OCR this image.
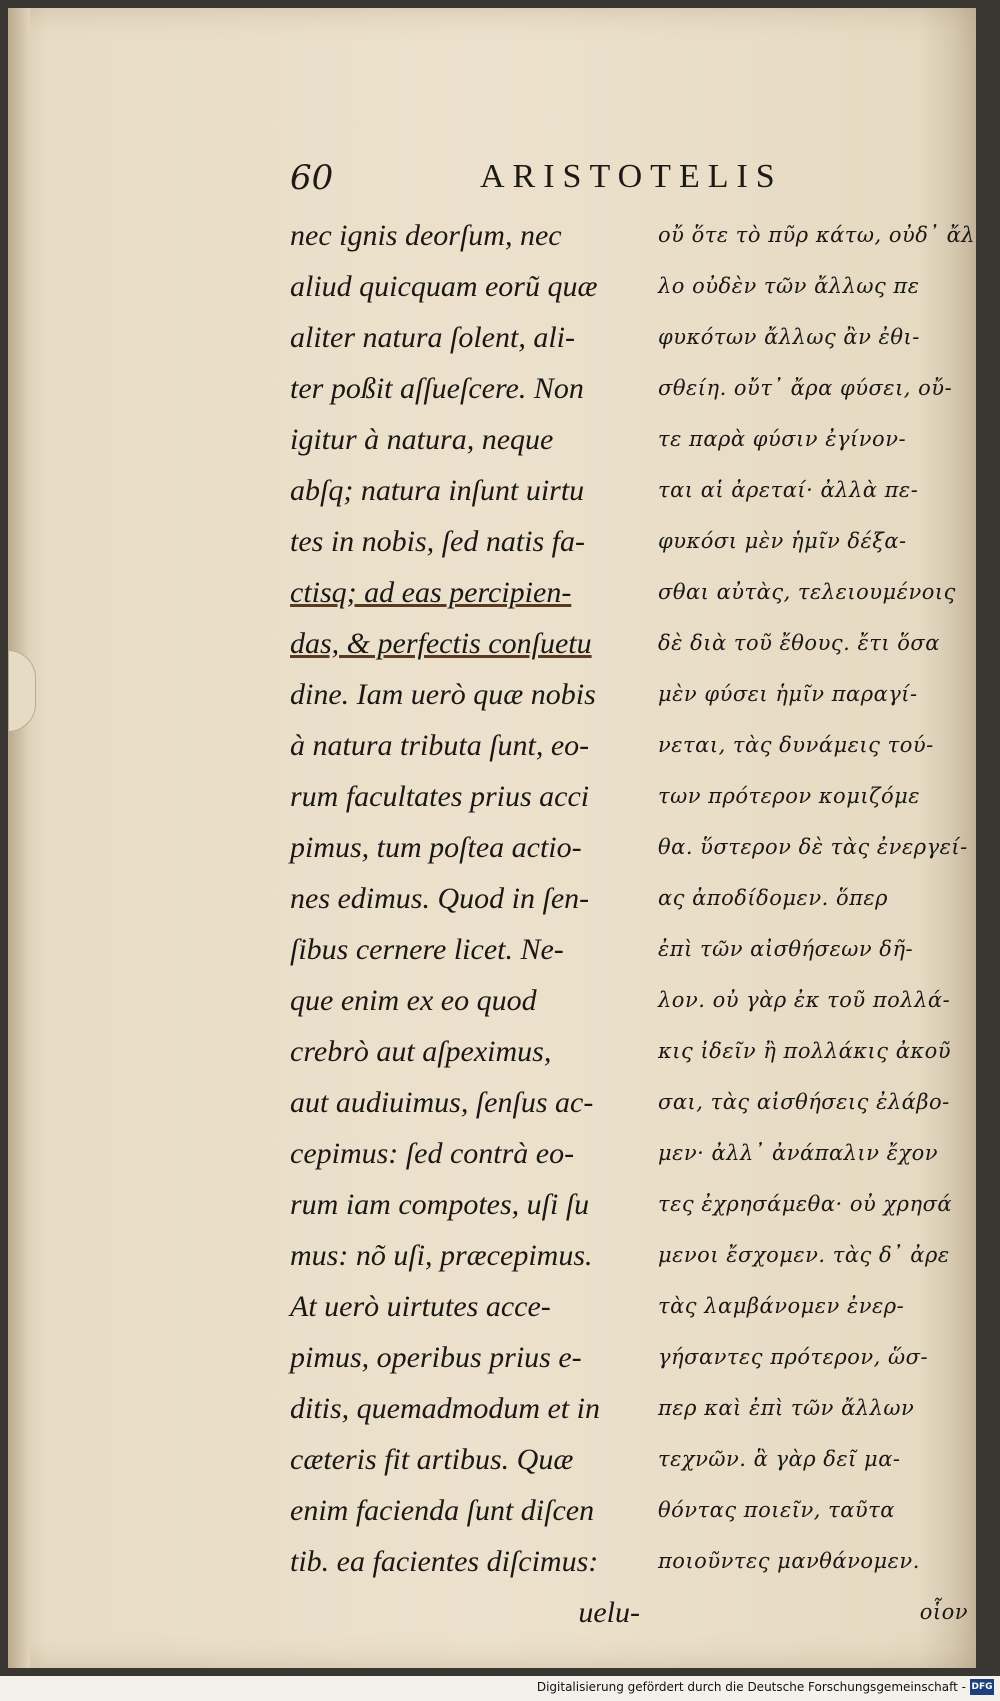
60	ARISTOTELIS
nec ignis deorſum, nec
aliud quicquam eorũ quæ
aliter natura ſolent, ali-
ter poßit aſſueſcere. Non
igitur à natura, neque
abſq; natura inſunt uirtu
tes in nobis, ſed natis fa-
ctisq; ad eas percipien-
das, & perfectis conſuetu
dine. Iam uerò quæ nobis
à natura tributa ſunt, eo-
rum facultates prius acci
pimus, tum poſtea actio-
nes edimus. Quod in ſen-
ſibus cernere licet. Ne-
que enim ex eo quod
crebrò aut aſpeximus,
aut audiuimus, ſenſus ac-
cepimus: ſed contrà eo-
rum iam compotes, uſi ſu
mus: nõ uſi, præcepimus.
At uerò uirtutes acce-
pimus, operibus prius e-
ditis, quemadmodum et in
cæteris fit artibus. Quæ
enim facienda ſunt diſcen
tib. ea facientes diſcimus:
uelu-
οὔ ὅτε τὸ πῦρ κάτω, οὐδ᾽ ἄλ
λο οὐδὲν τῶν ἄλλως πε
φυκότων ἄλλως ἂν ἐθι-
σθείη. οὔτ᾽ ἄρα φύσει, οὔ-
τε παρὰ φύσιν ἐγίνον-
ται αἱ ἀρεταί· ἀλλὰ πε-
φυκόσι μὲν ἡμῖν δέξα-
σθαι αὐτὰς, τελειουμένοις
δὲ διὰ τοῦ ἔθους. ἔτι ὅσα
μὲν φύσει ἡμῖν παραγί-
νεται, τὰς δυνάμεις τού-
των πρότερον κομιζόμε
θα. ὕστερον δὲ τὰς ἐνεργεί-
ας ἀποδίδομεν. ὅπερ
ἐπὶ τῶν αἰσθήσεων δῆ-
λον. οὐ γὰρ ἐκ τοῦ πολλά-
κις ἰδεῖν ἢ πολλάκις ἀκοῦ
σαι, τὰς αἰσθήσεις ἐλάβο-
μεν· ἀλλ᾽ ἀνάπαλιν ἔχον
τες ἐχρησάμεθα· οὐ χρησά
μενοι ἔσχομεν. τὰς δ᾽ ἀρε
τὰς λαμβάνομεν ἐνερ-
γήσαντες πρότερον, ὥσ-
περ καὶ ἐπὶ τῶν ἄλλων
τεχνῶν. ἃ γὰρ δεῖ μα-
θόντας ποιεῖν, ταῦτα
ποιοῦντες μανθάνομεν.
οἷον
Digitalisierung gefördert durch die Deutsche Forschungsgemeinschaft - DFG
